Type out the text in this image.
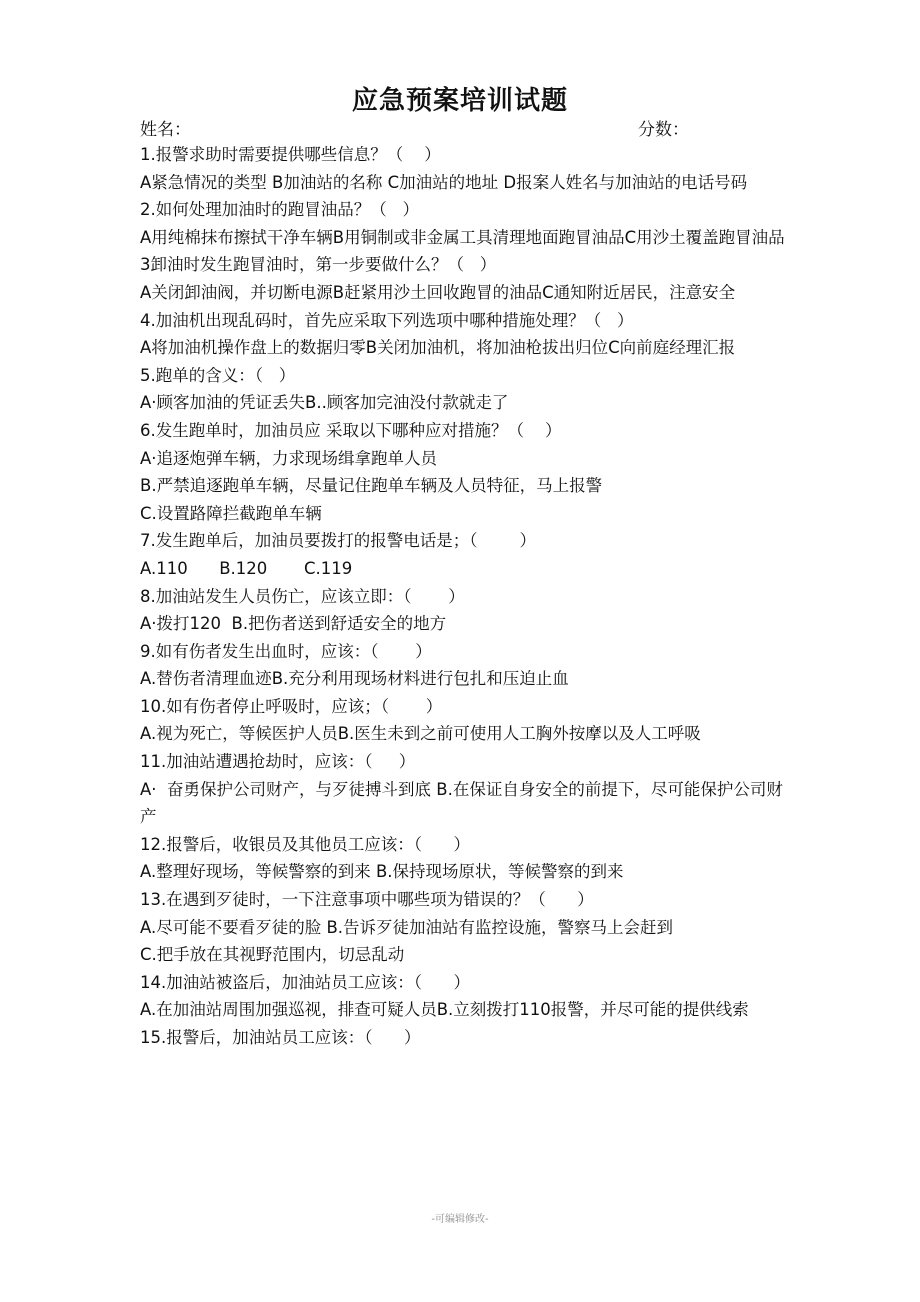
应急预案培训试题
姓名：	分数：
1.报警求助时需要提供哪些信息？（    ）
A紧急情况的类型 B加油站的名称 C加油站的地址 D报案人姓名与加油站的电话号码
2.如何处理加油时的跑冒油品？（   ）
A用纯棉抹布擦拭干净车辆B用铜制或非金属工具清理地面跑冒油品C用沙土覆盖跑冒油品
3卸油时发生跑冒油时，第一步要做什么？（   ）
A关闭卸油阀，并切断电源B赶紧用沙土回收跑冒的油品C通知附近居民，注意安全
4.加油机出现乱码时，首先应采取下列选项中哪种措施处理？（   ）
A将加油机操作盘上的数据归零B关闭加油机，将加油枪拔出归位C向前庭经理汇报
5.跑单的含义：（   ）
A·顾客加油的凭证丢失B..顾客加完油没付款就走了
6.发生跑单时，加油员应 采取以下哪种应对措施？（    ）
A·追逐炮弹车辆，力求现场缉拿跑单人员
B.严禁追逐跑单车辆，尽量记住跑单车辆及人员特征，马上报警
C.设置路障拦截跑单车辆
7.发生跑单后，加油员要拨打的报警电话是；（        ）
A.110      B.120       C.119
8.加油站发生人员伤亡，应该立即：（       ）
A·拨打120  B.把伤者送到舒适安全的地方
9.如有伤者发生出血时，应该：（       ）
A.替伤者清理血迹B.充分利用现场材料进行包扎和压迫止血
10.如有伤者停止呼吸时，应该；（       ）
A.视为死亡，等候医护人员B.医生未到之前可使用人工胸外按摩以及人工呼吸
11.加油站遭遇抢劫时，应该：（     ）
A·  奋勇保护公司财产，与歹徒搏斗到底 B.在保证自身安全的前提下，尽可能保护公司财产
12.报警后，收银员及其他员工应该：（      ）
A.整理好现场，等候警察的到来 B.保持现场原状，等候警察的到来
13.在遇到歹徒时，一下注意事项中哪些项为错误的？（      ）
A.尽可能不要看歹徒的脸 B.告诉歹徒加油站有监控设施，警察马上会赶到
C.把手放在其视野范围内，切忌乱动
14.加油站被盗后，加油站员工应该：（      ）
A.在加油站周围加强巡视，排查可疑人员B.立刻拨打110报警，并尽可能的提供线索
15.报警后，加油站员工应该：（      ）
-可编辑修改-
